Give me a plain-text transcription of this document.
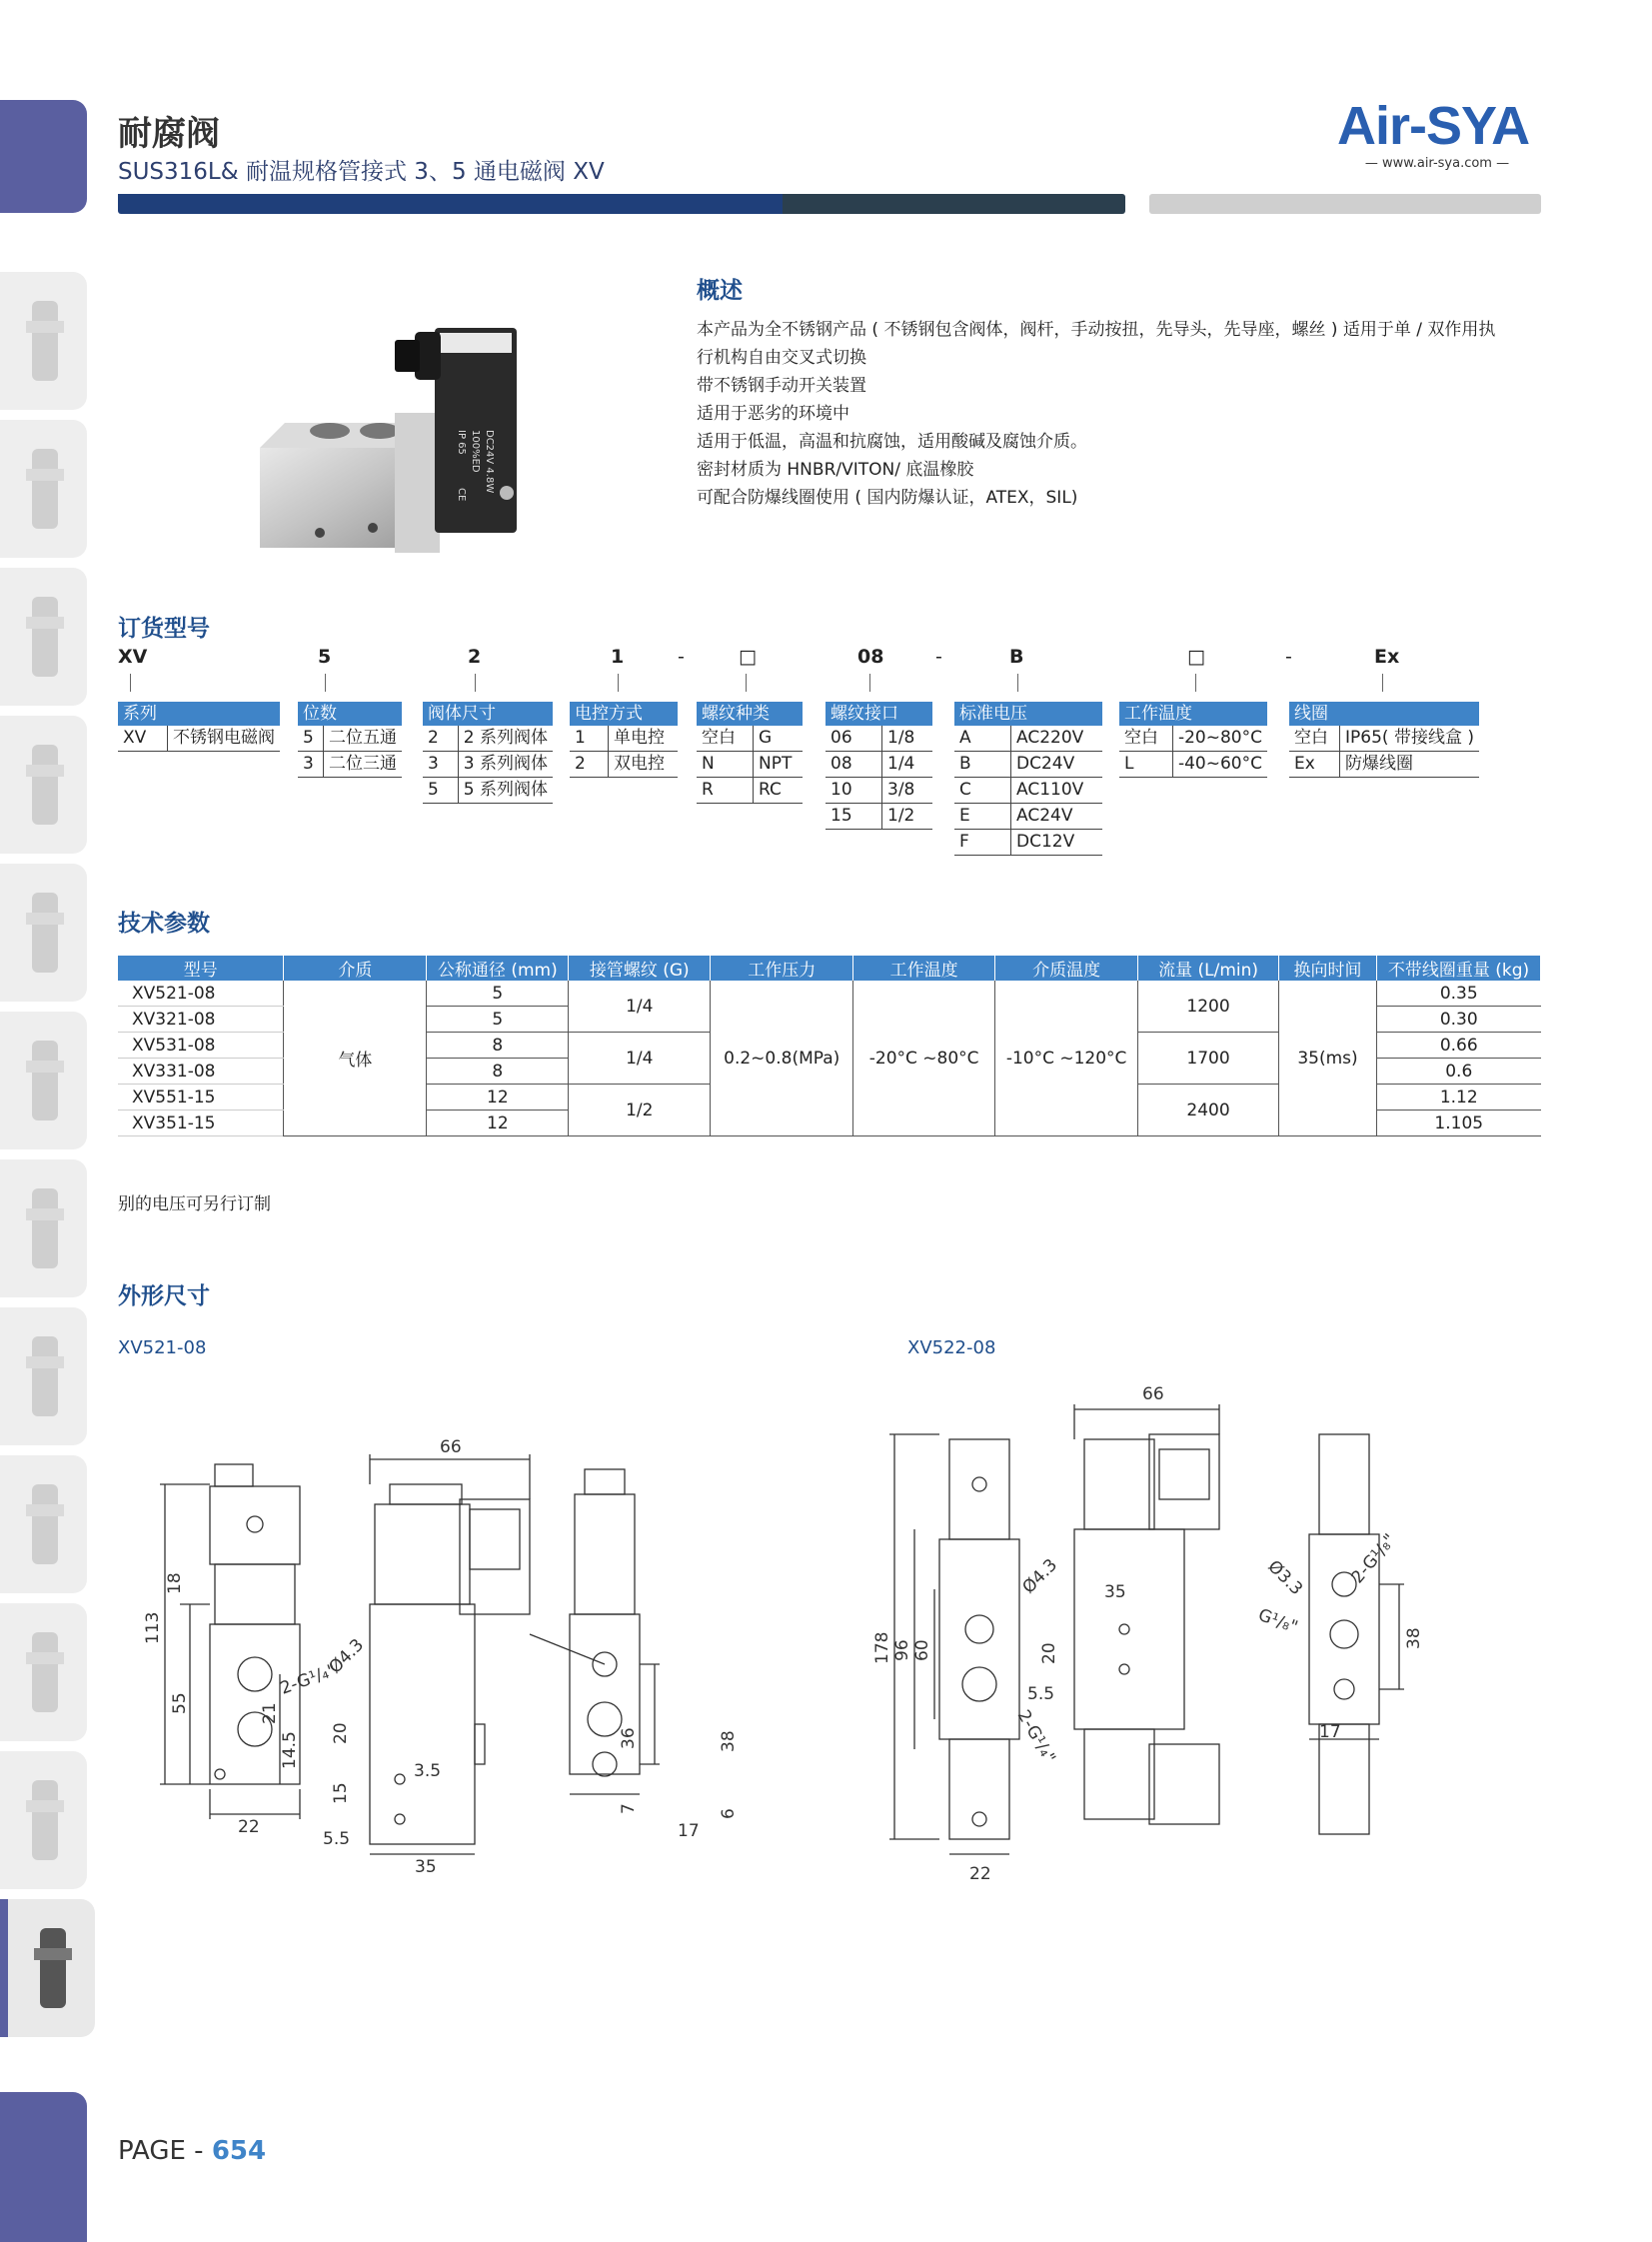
耐腐阀
SUS316L& 耐温规格管接式 3、5 通电磁阀 XV
Air-SYA
— www.air-sya.com —
DC24V 4.8W
100%ED
IP 65
CE
概述
本产品为全不锈钢产品 ( 不锈钢包含阀体，阀杆，手动按扭，先导头，先导座，螺丝 ) 适用于单 / 双作用执
行机构自由交叉式切换
带不锈钢手动开关装置
适用于恶劣的环境中
适用于低温，高温和抗腐蚀，适用酸碱及腐蚀介质。
密封材质为 HNBR/VITON/ 底温橡胶
可配合防爆线圈使用 ( 国内防爆认证，ATEX，SIL)
订货型号
XV	5	2	1	-	□	08	-	B	□	-	Ex
系列
XV	不锈钢电磁阀
位数
5	二位五通
3	二位三通
阀体尺寸
2	2 系列阀体
3	3 系列阀体
5	5 系列阀体
电控方式
1	单电控
2	双电控
螺纹种类
空白	G
N	NPT
R	RC
螺纹接口
06	1/8
08	1/4
10	3/8
15	1/2
标准电压
A	AC220V
B	DC24V
C	AC110V
E	AC24V
F	DC12V
工作温度
空白	-20~80°C
L	-40~60°C
线圈
空白	IP65( 带接线盒 )
Ex	防爆线圈
技术参数
型号	介质	公称通径 (mm)	接管螺纹 (G)	工作压力	工作温度	介质温度	流量 (L/min)	换向时间	不带线圈重量 (kg)
XV521-08	气体	5	1/4	0.2~0.8(MPa)	-20°C ~80°C	-10°C ~120°C	1200	35(ms)	0.35
XV321-08		5							0.30
XV531-08		8	1/4				1700		0.66
XV331-08		8							0.6
XV551-15		12	1/2				2400		1.12
XV351-15		12							1.105
别的电压可另行订制
外形尺寸
XV521-08	XV522-08
66
113
18
55	21
14.5
22
2-G¹/₄"
Ø4.3
20
3.5
15
5.5
35
36	38
7
17
6
66
178 96 60
Ø4.3	35
20
5.5
2-G¹/₄"
22
Ø3.3 2-G¹/₈"
G¹/₈"
38
17
PAGE - 654
